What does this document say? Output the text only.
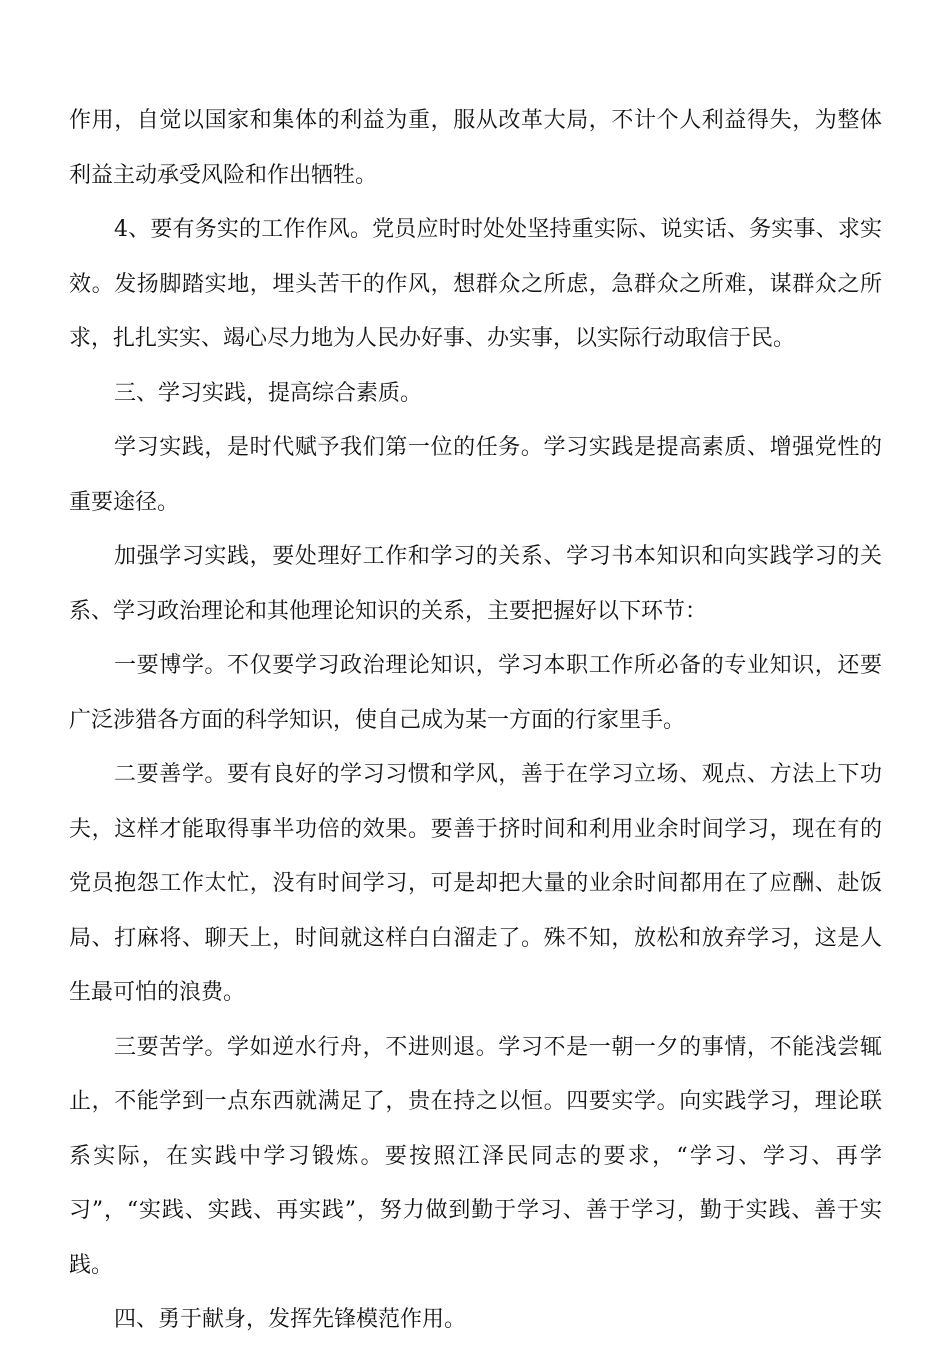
作用，自觉以国家和集体的利益为重，服从改革大局，不计个人利益得失，为整体利益主动承受风险和作出牺牲。

4、要有务实的工作作风。党员应时时处处坚持重实际、说实话、务实事、求实效。发扬脚踏实地，埋头苦干的作风，想群众之所虑，急群众之所难，谋群众之所求，扎扎实实、竭心尽力地为人民办好事、办实事，以实际行动取信于民。

三、学习实践，提高综合素质。

学习实践，是时代赋予我们第一位的任务。学习实践是提高素质、增强党性的重要途径。

加强学习实践，要处理好工作和学习的关系、学习书本知识和向实践学习的关系、学习政治理论和其他理论知识的关系，主要把握好以下环节：

一要博学。不仅要学习政治理论知识，学习本职工作所必备的专业知识，还要广泛涉猎各方面的科学知识，使自己成为某一方面的行家里手。

二要善学。要有良好的学习习惯和学风，善于在学习立场、观点、方法上下功夫，这样才能取得事半功倍的效果。要善于挤时间和利用业余时间学习，现在有的党员抱怨工作太忙，没有时间学习，可是却把大量的业余时间都用在了应酬、赴饭局、打麻将、聊天上，时间就这样白白溜走了。殊不知，放松和放弃学习，这是人生最可怕的浪费。

三要苦学。学如逆水行舟，不进则退。学习不是一朝一夕的事情，不能浅尝辄止，不能学到一点东西就满足了，贵在持之以恒。四要实学。向实践学习，理论联系实际，在实践中学习锻炼。要按照江泽民同志的要求，“学习、学习、再学习”，“实践、实践、再实践”，努力做到勤于学习、善于学习，勤于实践、善于实践。

四、勇于献身，发挥先锋模范作用。
